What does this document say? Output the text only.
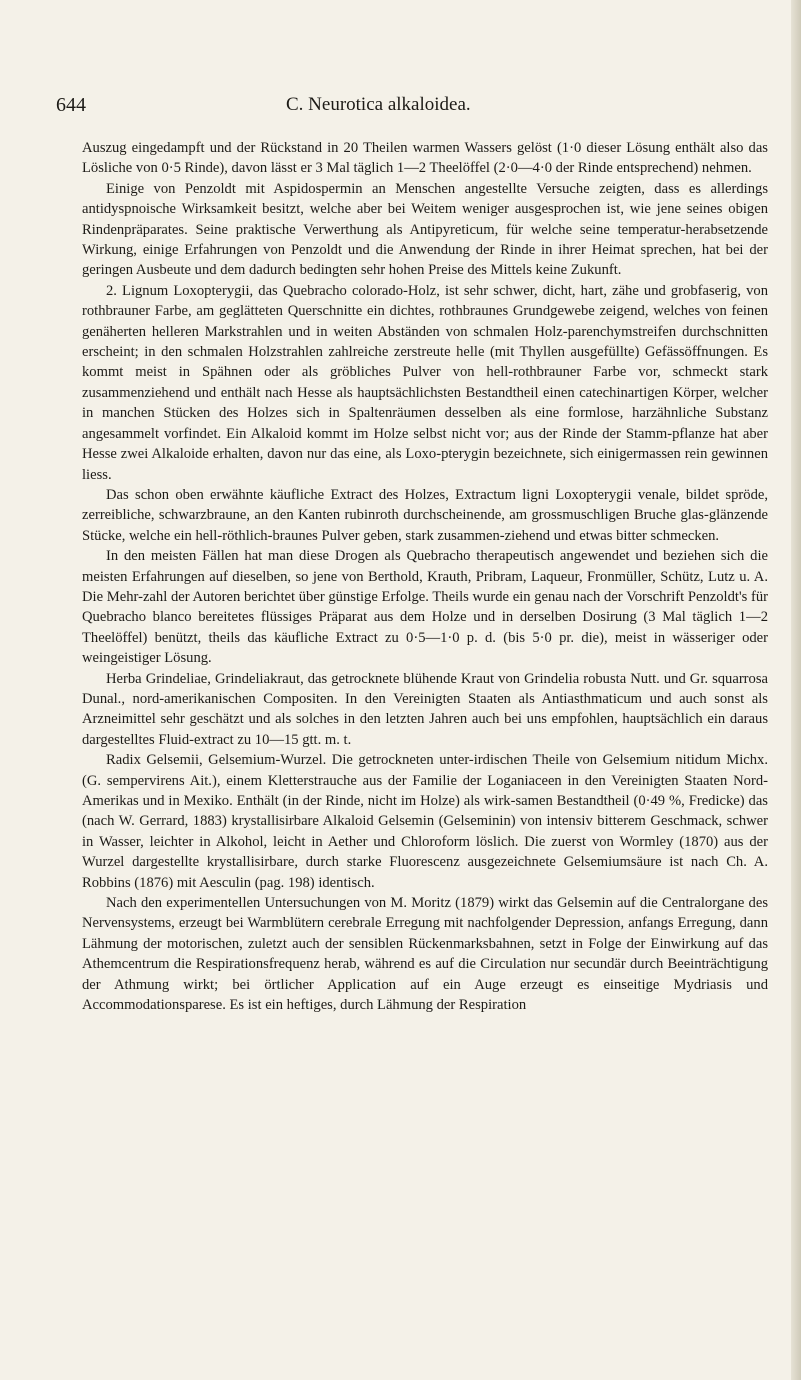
644	C. Neurotica alkaloidea.

Auszug eingedampft und der Rückstand in 20 Theilen warmen Wassers gelöst (1·0 dieser Lösung enthält also das Lösliche von 0·5 Rinde), davon lässt er 3 Mal täglich 1—2 Theelöffel (2·0—4·0 der Rinde entsprechend) nehmen.

Einige von Penzoldt mit Aspidospermin an Menschen angestellte Versuche zeigten, dass es allerdings antidyspnoische Wirksamkeit besitzt, welche aber bei Weitem weniger ausgesprochen ist, wie jene seines obigen Rindenpräparates. Seine praktische Verwerthung als Antipyreticum, für welche seine temperatur-herabsetzende Wirkung, einige Erfahrungen von Penzoldt und die Anwendung der Rinde in ihrer Heimat sprechen, hat bei der geringen Ausbeute und dem dadurch bedingten sehr hohen Preise des Mittels keine Zukunft.

2. Lignum Loxopterygii, das Quebracho colorado-Holz, ist sehr schwer, dicht, hart, zähe und grobfaserig, von rothbrauner Farbe, am geglätteten Querschnitte ein dichtes, rothbraunes Grundgewebe zeigend, welches von feinen genäherten helleren Markstrahlen und in weiten Abständen von schmalen Holz-parenchymstreifen durchschnitten erscheint; in den schmalen Holzstrahlen zahlreiche zerstreute helle (mit Thyllen ausgefüllte) Gefässöffnungen. Es kommt meist in Spähnen oder als gröbliches Pulver von hell-rothbrauner Farbe vor, schmeckt stark zusammenziehend und enthält nach Hesse als hauptsächlichsten Bestandtheil einen catechinartigen Körper, welcher in manchen Stücken des Holzes sich in Spaltenräumen desselben als eine formlose, harzähnliche Substanz angesammelt vorfindet. Ein Alkaloid kommt im Holze selbst nicht vor; aus der Rinde der Stamm-pflanze hat aber Hesse zwei Alkaloide erhalten, davon nur das eine, als Loxo-pterygin bezeichnete, sich einigermassen rein gewinnen liess.

Das schon oben erwähnte käufliche Extract des Holzes, Extractum ligni Loxopterygii venale, bildet spröde, zerreibliche, schwarzbraune, an den Kanten rubinroth durchscheinende, am grossmuschligen Bruche glas-glänzende Stücke, welche ein hell-röthlich-braunes Pulver geben, stark zusammen-ziehend und etwas bitter schmecken.

In den meisten Fällen hat man diese Drogen als Quebracho therapeutisch angewendet und beziehen sich die meisten Erfahrungen auf dieselben, so jene von Berthold, Krauth, Pribram, Laqueur, Fronmüller, Schütz, Lutz u. A. Die Mehr-zahl der Autoren berichtet über günstige Erfolge. Theils wurde ein genau nach der Vorschrift Penzoldt's für Quebracho blanco bereitetes flüssiges Präparat aus dem Holze und in derselben Dosirung (3 Mal täglich 1—2 Theelöffel) benützt, theils das käufliche Extract zu 0·5—1·0 p. d. (bis 5·0 pr. die), meist in wässeriger oder weingeistiger Lösung.

Herba Grindeliae, Grindeliakraut, das getrocknete blühende Kraut von Grindelia robusta Nutt. und Gr. squarrosa Dunal., nord-amerikanischen Compositen. In den Vereinigten Staaten als Antiasthmaticum und auch sonst als Arzneimittel sehr geschätzt und als solches in den letzten Jahren auch bei uns empfohlen, hauptsächlich ein daraus dargestelltes Fluid-extract zu 10—15 gtt. m. t.

Radix Gelsemii, Gelsemium-Wurzel. Die getrockneten unter-irdischen Theile von Gelsemium nitidum Michx. (G. sempervirens Ait.), einem Kletterstrauche aus der Familie der Loganiaceen in den Vereinigten Staaten Nord-Amerikas und in Mexiko. Enthält (in der Rinde, nicht im Holze) als wirk-samen Bestandtheil (0·49 %, Fredicke) das (nach W. Gerrard, 1883) krystallisirbare Alkaloid Gelsemin (Gelseminin) von intensiv bitterem Geschmack, schwer in Wasser, leichter in Alkohol, leicht in Aether und Chloroform löslich. Die zuerst von Wormley (1870) aus der Wurzel dargestellte krystallisirbare, durch starke Fluorescenz ausgezeichnete Gelsemiumsäure ist nach Ch. A. Robbins (1876) mit Aesculin (pag. 198) identisch.

Nach den experimentellen Untersuchungen von M. Moritz (1879) wirkt das Gelsemin auf die Centralorgane des Nervensystems, erzeugt bei Warmblütern cerebrale Erregung mit nachfolgender Depression, anfangs Erregung, dann Lähmung der motorischen, zuletzt auch der sensiblen Rückenmarksbahnen, setzt in Folge der Einwirkung auf das Athemcentrum die Respirationsfrequenz herab, während es auf die Circulation nur secundär durch Beeinträchtigung der Athmung wirkt; bei örtlicher Application auf ein Auge erzeugt es einseitige Mydriasis und Accommodationsparese. Es ist ein heftiges, durch Lähmung der Respiration
